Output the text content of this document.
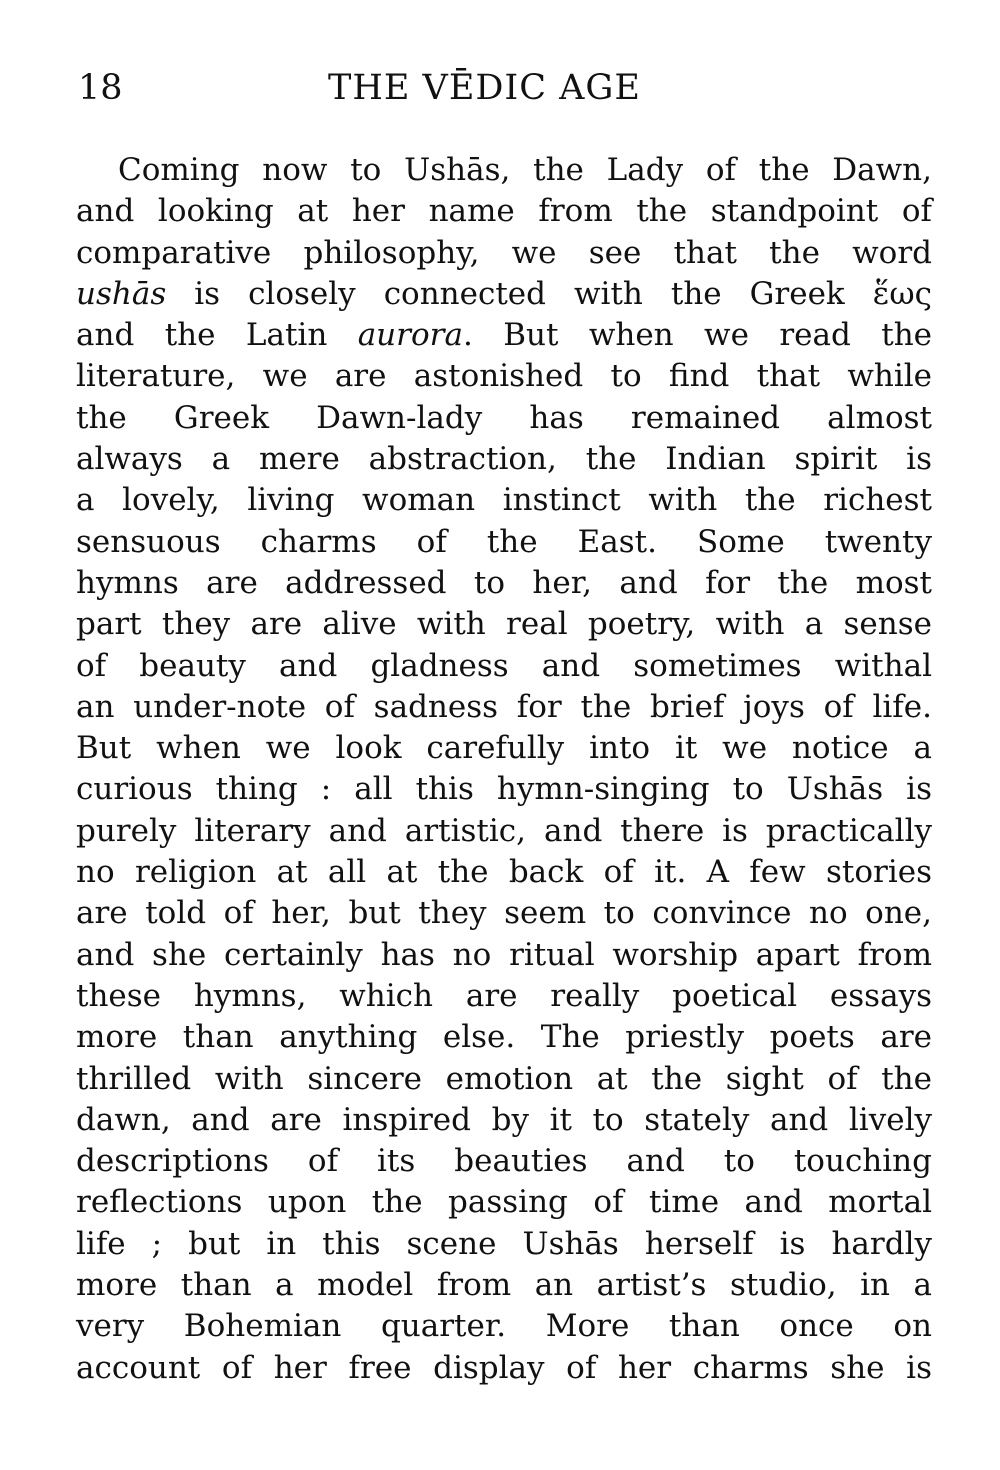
18	THE VĒDIC AGE
Coming now to Ushās, the Lady of the Dawn,
and looking at her name from the standpoint of
comparative philosophy, we see that the word
ushās is closely connected with the Greek ἕως
and the Latin aurora. But when we read the
literature, we are astonished to find that while
the Greek Dawn-lady has remained almost
always a mere abstraction, the Indian spirit is
a lovely, living woman instinct with the richest
sensuous charms of the East. Some twenty
hymns are addressed to her, and for the most
part they are alive with real poetry, with a sense
of beauty and gladness and sometimes withal
an under-note of sadness for the brief joys of life.
But when we look carefully into it we notice a
curious thing : all this hymn-singing to Ushās is
purely literary and artistic, and there is practically
no religion at all at the back of it. A few stories
are told of her, but they seem to convince no one,
and she certainly has no ritual worship apart from
these hymns, which are really poetical essays
more than anything else. The priestly poets are
thrilled with sincere emotion at the sight of the
dawn, and are inspired by it to stately and lively
descriptions of its beauties and to touching
reflections upon the passing of time and mortal
life ; but in this scene Ushās herself is hardly
more than a model from an artist’s studio, in a
very Bohemian quarter. More than once on
account of her free display of her charms she is
